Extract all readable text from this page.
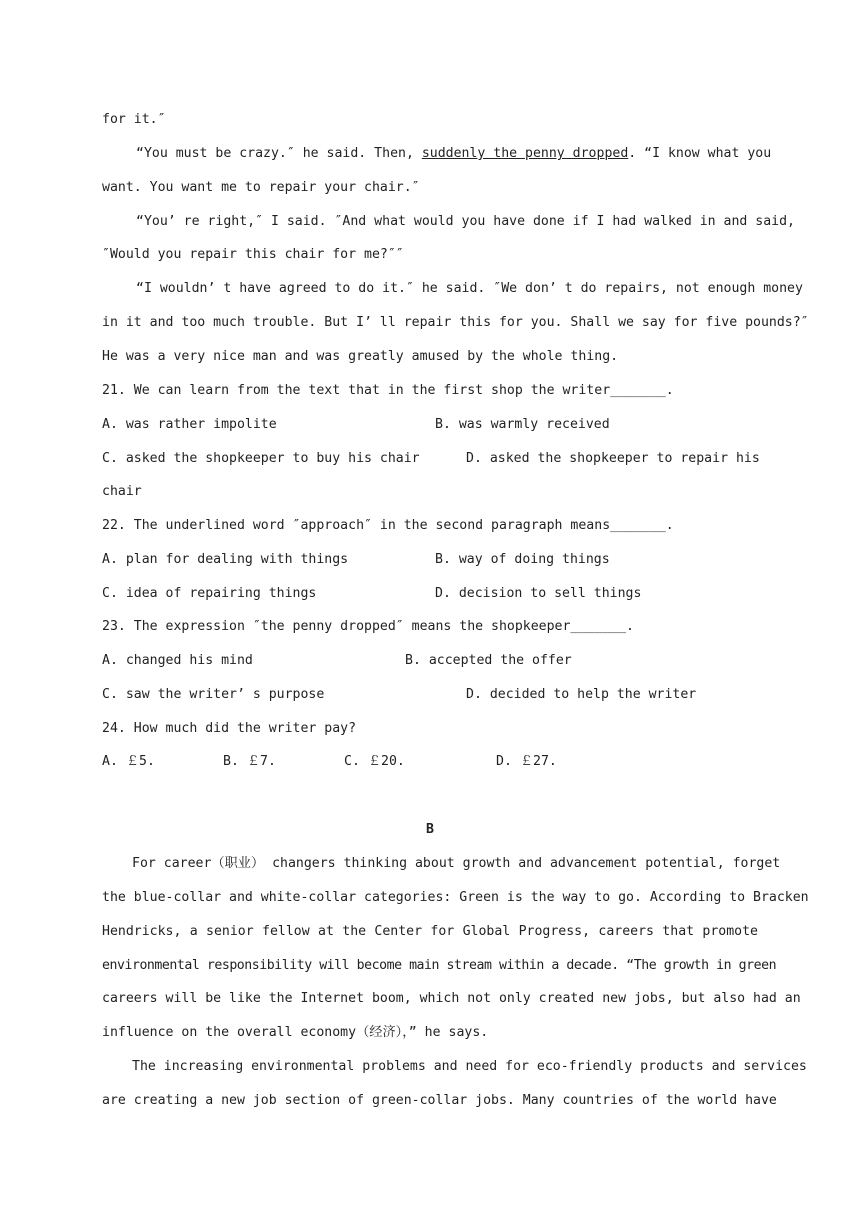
for it.″
“You must be crazy.″ he said. Then, suddenly the penny dropped. “I know what you
want. You want me to repair your chair.″
“You’ re right,″ I said. ″And what would you have done if I had walked in and said,
″Would you repair this chair for me?″″
“I wouldn’ t have agreed to do it.″ he said. ″We don’ t do repairs, not enough money
in it and too much trouble. But I’ ll repair this for you. Shall we say for five pounds?″
He was a very nice man and was greatly amused by the whole thing.
21. We can learn from the text that in the first shop the writer_______.
A. was rather impolite	B. was warmly received
C. asked the shopkeeper to buy his chair	D. asked the shopkeeper to repair his
chair
22. The underlined word ″approach″ in the second paragraph means_______.
A. plan for dealing with things	B. way of doing things
C. idea of repairing things	D. decision to sell things
23. The expression ″the penny dropped″ means the shopkeeper_______.
A. changed his mind	B. accepted the offer
C. saw the writer’ s purpose	D. decided to help the writer
24. How much did the writer pay?
A. ￡5.	B. ￡7.	C. ￡20.	D. ￡27.
B
For career（职业） changers thinking about growth and advancement potential, forget
the blue-collar and white-collar categories: Green is the way to go. According to Bracken
Hendricks, a senior fellow at the Center for Global Progress, careers that promote
environmental responsibility will become main stream within a decade. “The growth in green
careers will be like the Internet boom, which not only created new jobs, but also had an
influence on the overall economy（经济），” he says.
The increasing environmental problems and need for eco-friendly products and services
are creating a new job section of green-collar jobs. Many countries of the world have
